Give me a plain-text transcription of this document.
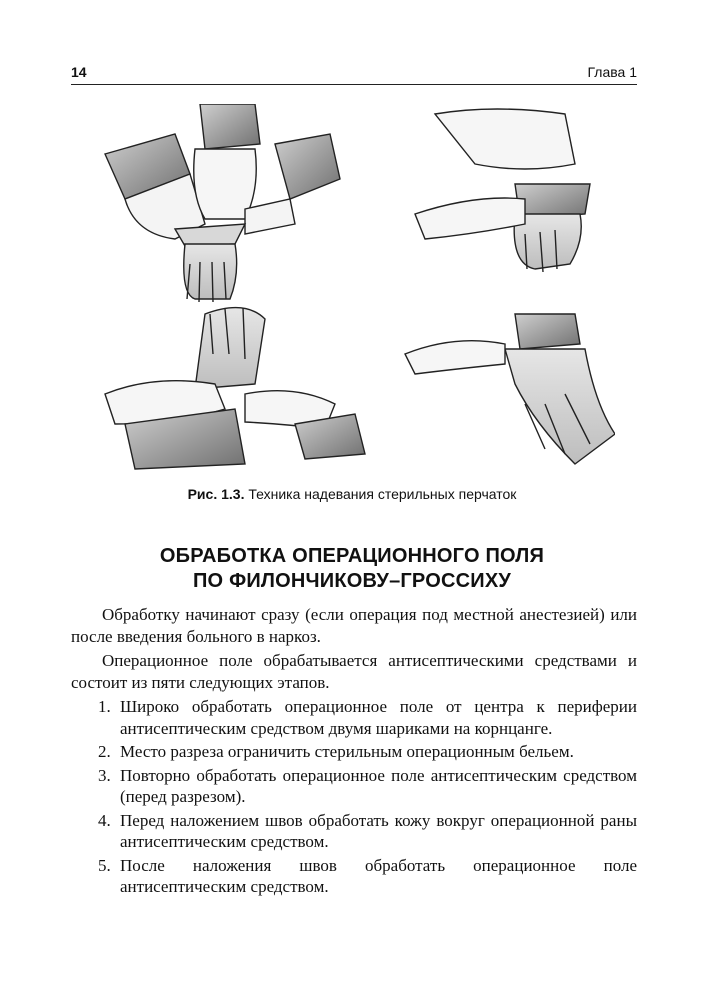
14	Глава 1
Рис. 1.3. Техника надевания стерильных перчаток
ОБРАБОТКА ОПЕРАЦИОННОГО ПОЛЯ
ПО ФИЛОНЧИКОВУ–ГРОССИХУ

Обработку начинают сразу (если операция под местной анестезией) или после введения больного в наркоз.

Операционное поле обрабатывается антисептическими средствами и состоит из пяти следующих этапов.

1. Широко обработать операционное поле от центра к периферии антисептическим средством двумя шариками на корнцанге.
2. Место разреза ограничить стерильным операционным бельем.
3. Повторно обработать операционное поле антисептическим средством (перед разрезом).
4. Перед наложением швов обработать кожу вокруг операционной раны антисептическим средством.
5. После наложения швов обработать операционное поле антисептическим средством.
